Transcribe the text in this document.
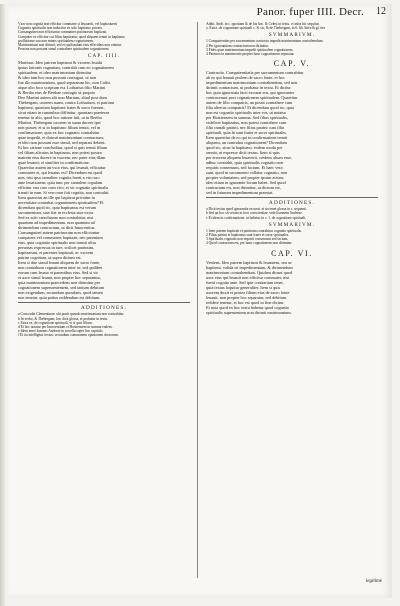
Panor. fuper IIII. Decr. 12
Vxor non cognita non efficitur commater si leuauerit, vel baptizauerit
Cognatio spiritualis non inducitur ex solo baptismo privato.
Consanguinei non efficiuntur commatres patrinorum baptizati.
Compater ex efficitur cui filius baptizatur, quod aliquem tenuit in baptismo
proflatiorue suo non minus spiritualem cognationem.
Matrimonium non dirimit; sed ex quibusdam eius effectibus non vnintur.
Persona non possunt simul contrahere spiritualem cognationem.
CAP. IIII.
Martinus. Ideo patrem baptismi & vxorem leualit
ipsius latronis cognatum, contrahit cum eo cognationem
spiritualem, et ideo matrimonium dirimitur
& ideo tam hoc non possunt coniugari, ut non
fiat illo matrimonium, quod separatum hic, non Calist.
atque alio loco scriptum est, Lotharius filio Martini
& Bertha eius de Berthae coniugio ut proprio
Deo Martini autem alii non Marium, aliud post dum
Thebergam, uxorem suam, contra Lotharium, et patriam
baptismi, quoniam baptismi frater & soror fuerunt,
sicut etiam in canonibus diffinitur, quoniam praeterea
tenetur in alio, quod hoc ratione fuit, ut in Bertha
Martini, Thebergam uxorem in suam ducere ipsi
non posset; et si in baptismo filium tenuit, vel in
confirmatione; quia ex hoc cognatio contrahitur
quae impedit, et dirimit matrimonium contractum;
et ideo non possunt esse simul, sed separari debent.
Et hoc ratione concluditur, quod si quis tenuit filium
vel filiam alicuius in baptismo, non potest postea
matrem eius ducere in vxorem, nec pater eius illam
quae leuauit; et similiter in confirmatione.
Quaeritur autem an vxor eius, qui leuauit, efficiatur
commater ei, qui leuatus est? Dicendum est quod
non, nisi ipsa carnaliter cognita fuerit a viro suo
ante leuationem; quia tunc per carnalem copulam
efficitur vna caro cum viro, et sic cognatio spiritualis
transit in eam. Si vero non fuit cognita, non contrahit.
Item quaeritur an ille qui baptizat privatim in
necessitate contrahat cognationem spiritualem? Et
dicendum quod sic, quia baptismus est verum
sacramentum, siue fiat in ecclesia siue extra.
Sed ex solo catechismo non contrahitur, nisi
quantum ad impedimentum, non quantum ad
dirimendum contractum, ut dicit Innocentius.
Consanguinei autem patrinorum non efficiuntur
compatres vel commatres baptizati, nec parentum
eius, quia cognatio spiritualis non transit ultra
personas expressas in iure, scilicet patrinum,
baptizatum, et parentes baptizati, ac vxorem
patrini cognitam, ut supra dictum est.
Item si duo simul leuant aliquem de sacro fonte,
non contrahunt cognationem inter se, sed quilibet
eorum cum leuato et parentibus eius. Sed si vir
et uxor simul leuant, non propter hoc separantur,
quia matrimonium praecedens non dirimitur per
cognationem superuenientem, sed tantum debitum
non exigendum, secundum quosdam, quod tamen
non tenetur, quia potius reddendum est debitum.
ADDITIONES.
a Concordat Clementinae: ubi ponit quando matrimonium non contrahitur.
b In verbo, & Thebergam, hoc dicit glossa, et probatur in textu.
c Extra ex, de cognatione spirituali, vt si quis filium.
d Et hoc notatur per Innocentium et Hostiensem in summa eadem.
e Idem tenet Ioannes Andreae in novella super hoc capitulo.
f Et ita intelligitur textus, secundum communem opinionem doctorum.
Addit. Andr. in c. quoniam & de his hoc. & Celest in textu. vt infra hic sequitur.
a. Extra. de cognatione spirituali c. Si vir, & de Thebergam, in 6. lib. Infra & gl. iter
SVMMARIVM.
1 Compaternitas per sacramentum contracta impedit matrimonium contrahendum.
2 Per ignorantiam contractum non dirimitur.
3 Fides quae matrimonium impedit spiritualem cognationem.
4 Patrinus in matrimonio propter hanc cognationem separatur.
CAP. V.
Contractio. Compaternitatis per sacramentum contrahitur
ab eo qui leuauit prolem de sacro fonte, et hoc
impedimentum matrimonium contrahendum, sed non
dirimit contractum, ut probatur in textu. Et dicitur
hoc quia ignorantia facti excusat eos, qui ignoranter
contraxerunt post cognationem spiritualem. Quaeritur
autem de filio compatris, an possit contrahere cum
filia alterius compatris? Et dicendum quod sic, quia
non est cognatio spiritualis inter eos, ut notatur
per Hostiensem in summa. Sed filius spiritualis,
videlicet baptizatus, non potest contrahere cum
filia carnali patrini, nec filius patrini cum filia
spirituali, quia hi sunt frater et soror spirituales.
Item quaeritur de eo qui in confirmatione tenuit
aliquem, an contrahat cognationem? Dicendum
quod sic, sicut in baptismo, eodem modo per
omnia, ut expresse dicit textus. Item si quis
per errorem aliquem leuaverit, credens alium esse,
adhuc contrahit, quia spiritualis cognatio non
requirit consensum, sed factum. Et haec vera
sunt, quod in sacramento collatur cognatio, non
propter voluntatem, sed propter ipsum actum;
ideo etiam in ignorante locum habet. Sed quod
contractum est, non dirimitur, ut dictum est,
sed in futurum impedimentum praestat.
ADDITIONES.
a Dicit textus quod ignorantia excusat, et ita tenet glossa in c. sequenti.
b Sed an hoc sit verum in foro conscientiae, vide Ioannem Andreae.
c Et idem in confirmatione, ut habetur in c. 1. de cognatione spirituali.
SVMMARIVM.
1 Inter patrem baptizati et patrinum contrahitur cognatio spiritualis.
2 Filius patrini et baptizatus sunt frater et soror spirituales.
3 Spiritualis cognatio non requirit consensum sed factum.
4 Quod contractum est, per hanc cognationem non dirimitur.
CAP. VI.
Veniens. Ideo patrem baptismi & leuantem, seu se
baptismi, valida sit impedimentum, & dirimendum
matrimonium contrahendum. Quidam dicunt quod
uxor eius qui leuauit non efficitur commater, nisi
fuerit cognita ante. Sed ipse contrarium tenet,
quia textus loquitur generaliter. Item si quis
uxorem duxit et postea filium eius de sacro fonte
leuauit, non propter hoc separatur, sed debitum
reddere tenetur, et hoc est quod in fine dicitur.
Et nota quod ex hoc textu habetur quod cognatio
spiritualis superueniens non dirimit matrimonium.
legitime
